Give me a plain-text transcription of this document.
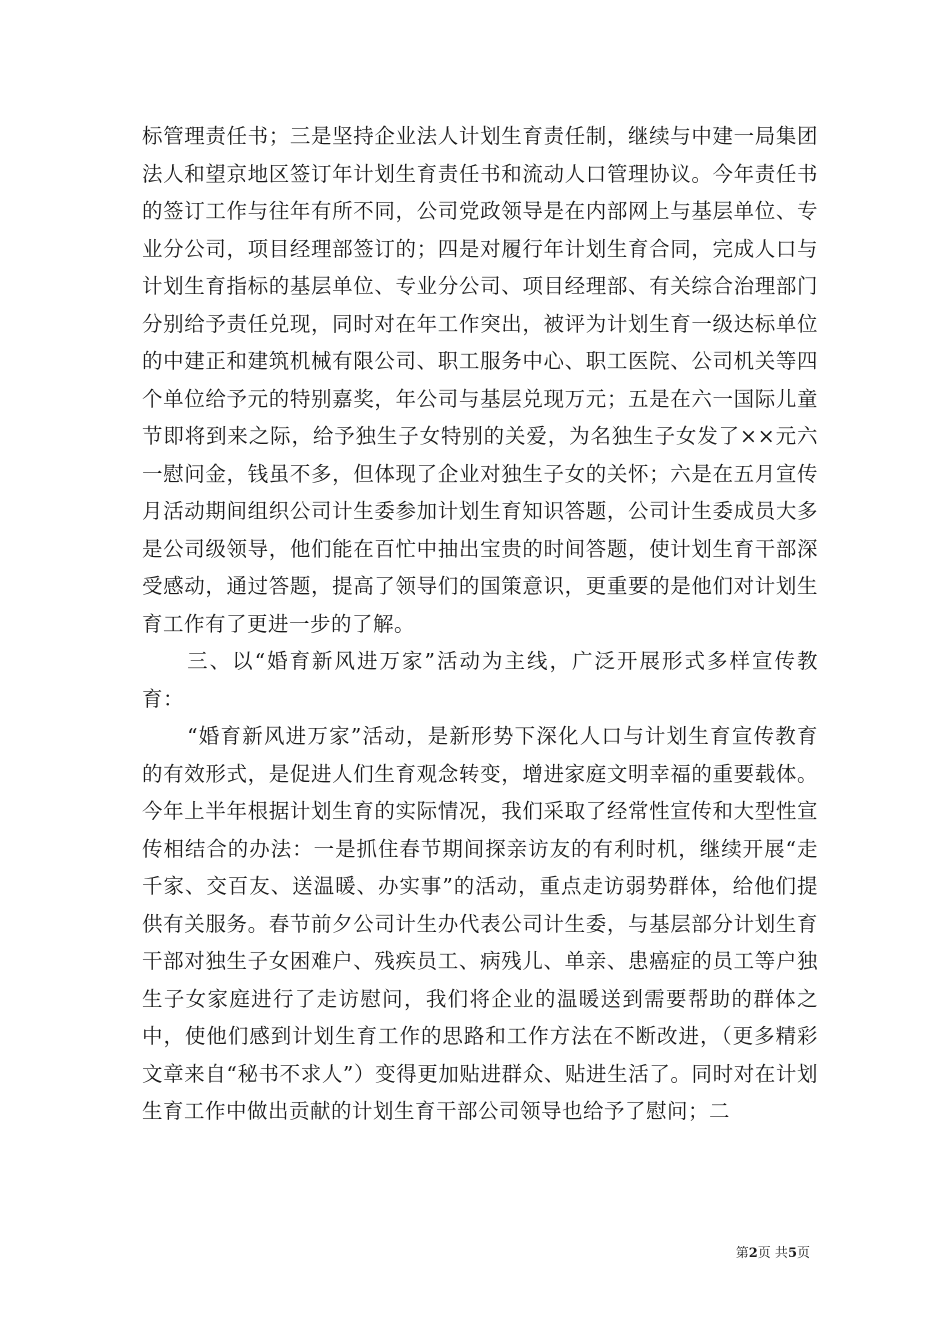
标管理责任书；三是坚持企业法人计划生育责任制，继续与中建一局集团法人和望京地区签订年计划生育责任书和流动人口管理协议。今年责任书的签订工作与往年有所不同，公司党政领导是在内部网上与基层单位、专业分公司，项目经理部签订的；四是对履行年计划生育合同，完成人口与计划生育指标的基层单位、专业分公司、项目经理部、有关综合治理部门分别给予责任兑现，同时对在年工作突出，被评为计划生育一级达标单位的中建正和建筑机械有限公司、职工服务中心、职工医院、公司机关等四个单位给予元的特别嘉奖，年公司与基层兑现万元；五是在六一国际儿童节即将到来之际，给予独生子女特别的关爱，为名独生子女发了××元六一慰问金，钱虽不多，但体现了企业对独生子女的关怀；六是在五月宣传月活动期间组织公司计生委参加计划生育知识答题，公司计生委成员大多是公司级领导，他们能在百忙中抽出宝贵的时间答题，使计划生育干部深受感动，通过答题，提高了领导们的国策意识，更重要的是他们对计划生育工作有了更进一步的了解。

三、以“婚育新风进万家”活动为主线，广泛开展形式多样宣传教育：

“婚育新风进万家”活动，是新形势下深化人口与计划生育宣传教育的有效形式，是促进人们生育观念转变，增进家庭文明幸福的重要载体。今年上半年根据计划生育的实际情况，我们采取了经常性宣传和大型性宣传相结合的办法：一是抓住春节期间探亲访友的有利时机，继续开展“走千家、交百友、送温暖、办实事”的活动，重点走访弱势群体，给他们提供有关服务。春节前夕公司计生办代表公司计生委，与基层部分计划生育干部对独生子女困难户、残疾员工、病残儿、单亲、患癌症的员工等户独生子女家庭进行了走访慰问，我们将企业的温暖送到需要帮助的群体之中，使他们感到计划生育工作的思路和工作方法在不断改进，（更多精彩文章来自“秘书不求人”）变得更加贴进群众、贴进生活了。同时对在计划生育工作中做出贡献的计划生育干部公司领导也给予了慰问；二

第2页 共5页
